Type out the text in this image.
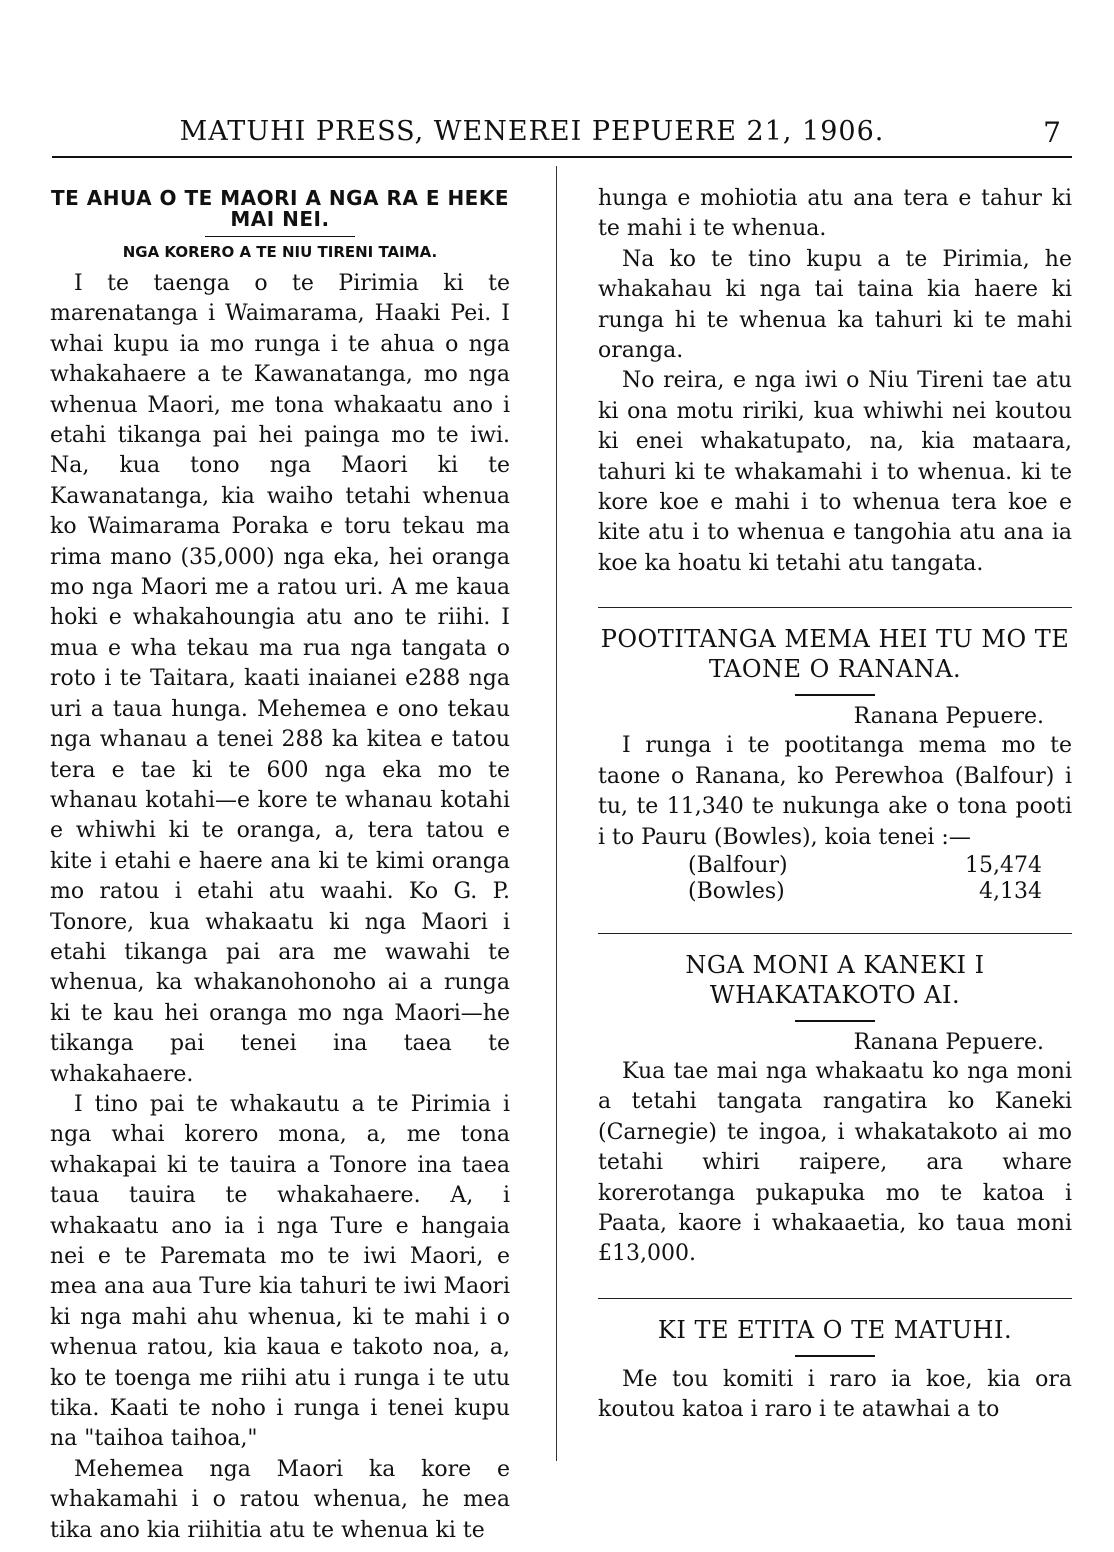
MATUHI PRESS, WENEREI PEPUERE 21, 1906.	7
TE AHUA O TE MAORI A NGA RA E HEKE MAI NEI.
NGA KORERO A TE NIU TIRENI TAIMA.

I te taenga o te Pirimia ki te marenatanga i Waimarama, Haaki Pei. I whai kupu ia mo runga i te ahua o nga whakahaere a te Kawanatanga, mo nga whenua Maori, me tona whakaatu ano i etahi tikanga pai hei painga mo te iwi. Na, kua tono nga Maori ki te Kawanatanga, kia waiho tetahi whenua ko Waimarama Poraka e toru tekau ma rima mano (35,000) nga eka, hei oranga mo nga Maori me a ratou uri. A me kaua hoki e whakahoungia atu ano te riihi. I mua e wha tekau ma rua nga tangata o roto i te Taitara, kaati inaianei e288 nga uri a taua hunga. Mehemea e ono tekau nga whanau a tenei 288 ka kitea e tatou tera e tae ki te 600 nga eka mo te whanau kotahi—e kore te whanau kotahi e whiwhi ki te oranga, a, tera tatou e kite i etahi e haere ana ki te kimi oranga mo ratou i etahi atu waahi. Ko G. P. Tonore, kua whakaatu ki nga Maori i etahi tikanga pai ara me wawahi te whenua, ka whakanohonoho ai a runga ki te kau hei oranga mo nga Maori—he tikanga pai tenei ina taea te whakahaere.

I tino pai te whakautu a te Pirimia i nga whai korero mona, a, me tona whakapai ki te tauira a Tonore ina taea taua tauira te whakahaere. A, i whakaatu ano ia i nga Ture e hangaia nei e te Paremata mo te iwi Maori, e mea ana aua Ture kia tahuri te iwi Maori ki nga mahi ahu whenua, ki te mahi i o whenua ratou, kia kaua e takoto noa, a, ko te toenga me riihi atu i runga i te utu tika. Kaati te noho i runga i tenei kupu na "taihoa taihoa,"

Mehemea nga Maori ka kore e whakamahi i o ratou whenua, he mea tika ano kia riihitia atu te whenua ki te

hunga e mohiotia atu ana tera e tahur ki te mahi i te whenua.

Na ko te tino kupu a te Pirimia, he whakahau ki nga tai taina kia haere ki runga hi te whenua ka tahuri ki te mahi oranga.

No reira, e nga iwi o Niu Tireni tae atu ki ona motu ririki, kua whiwhi nei koutou ki enei whakatupato, na, kia mataara, tahuri ki te whakamahi i to whenua. ki te kore koe e mahi i to whenua tera koe e kite atu i to whenua e tangohia atu ana ia koe ka hoatu ki tetahi atu tangata.

POOTITANGA MEMA HEI TU MO TE TAONE O RANANA.
Ranana Pepuere.

I runga i te pootitanga mema mo te taone o Ranana, ko Perewhoa (Balfour) i tu, te 11,340 te nukunga ake o tona pooti i to Pauru (Bowles), koia tenei :—

(Balfour)	15,474
(Bowles)	4,134
NGA MONI A KANEKI I WHAKATAKOTO AI.
Ranana Pepuere.

Kua tae mai nga whakaatu ko nga moni a tetahi tangata rangatira ko Kaneki (Carnegie) te ingoa, i whakatakoto ai mo tetahi whiri raipere, ara whare korerotanga pukapuka mo te katoa i Paata, kaore i whakaaetia, ko taua moni £13,000.

KI TE ETITA O TE MATUHI.

Me tou komiti i raro ia koe, kia ora koutou katoa i raro i te atawhai a to
